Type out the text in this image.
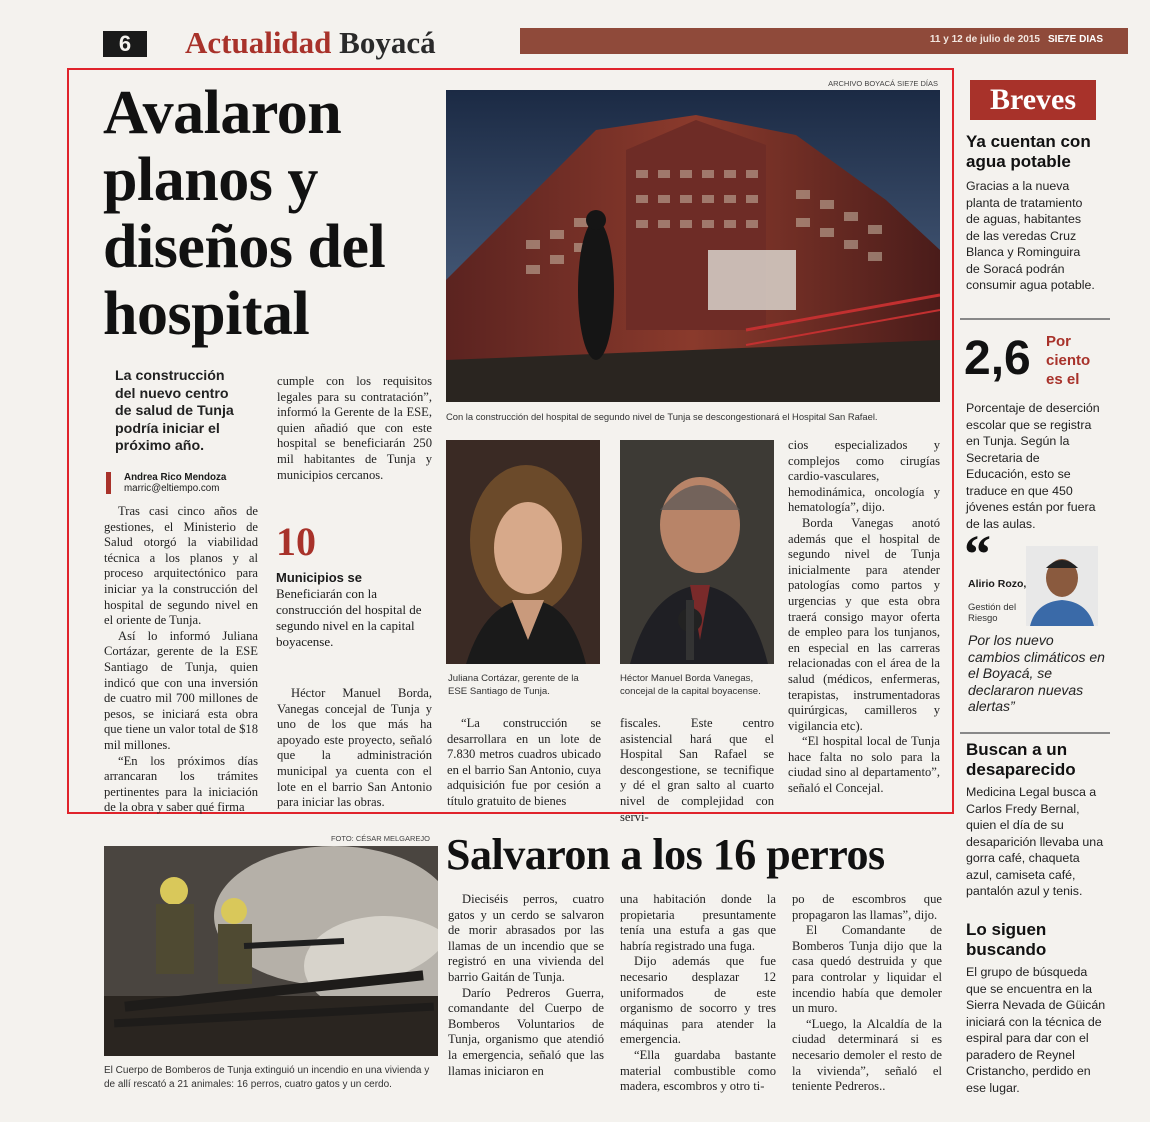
6	Actualidad Boyacá	11 y 12 de julio de 2015 SIE7E DIAS
Avalaron
planos y
diseños del
hospital
La construcción
del nuevo centro
de salud de Tunja
podría iniciar el
próximo año.
Andrea Rico Mendoza
marric@eltiempo.com

Tras casi cinco años de gestiones, el Ministerio de Salud otorgó la viabilidad técnica a los planos y al proceso arquitectónico para iniciar ya la construcción del hospital de segundo nivel en el oriente de Tunja.

Así lo informó Juliana Cortázar, gerente de la ESE Santiago de Tunja, quien indicó que con una inversión de cuatro mil 700 millones de pesos, se iniciará esta obra que tiene un valor total de $18 mil millones.

“En los próximos días arrancaran los trámites pertinentes para la iniciación de la obra y saber qué firma

cumple con los requisitos legales para su contratación”, informó la Gerente de la ESE, quien añadió que con este hospital se beneficiarán 250 mil habitantes de Tunja y municipios cercanos.

10
Municipios se
Beneficiarán con la construcción del hospital de segundo nivel en la capital boyacense.

Héctor Manuel Borda, Vanegas concejal de Tunja y uno de los que más ha apoyado este proyecto, señaló que la administración municipal ya cuenta con el lote en el barrio San Antonio para iniciar las obras.

ARCHIVO BOYACÁ SIE7E DÍAS
Con la construcción del hospital de segundo nivel de Tunja se descongestionará el Hospital San Rafael.
Juliana Cortázar, gerente de la ESE Santiago de Tunja.
Héctor Manuel Borda Vanegas, concejal de la capital boyacense.

“La construcción se desarrollara en un lote de 7.830 metros cuadros ubicado en el barrio San Antonio, cuya adquisición fue por cesión a título gratuito de bienes

fiscales. Este centro asistencial hará que el Hospital San Rafael se descongestione, se tecnifique y dé el gran salto al cuarto nivel de complejidad con servi-

cios especializados y complejos como cirugías cardio-vasculares, hemodinámica, oncología y hematología”, dijo.

Borda Vanegas anotó además que el hospital de segundo nivel de Tunja inicialmente para atender patologías como partos y urgencias y que esta obra traerá consigo mayor oferta de empleo para los tunjanos, en especial en las carreras relacionadas con el área de la salud (médicos, enfermeras, terapistas, instrumentadoras quirúrgicas, camilleros y vigilancia etc).

“El hospital local de Tunja hace falta no solo para la ciudad sino al departamento”, señaló el Concejal.

FOTO: CÉSAR MELGAREJO
El Cuerpo de Bomberos de Tunja extinguió un incendio en una vivienda y de allí rescató a 21 animales: 16 perros, cuatro gatos y un cerdo.
Salvaron a los 16 perros

Dieciséis perros, cuatro gatos y un cerdo se salvaron de morir abrasados por las llamas de un incendio que se registró en una vivienda del barrio Gaitán de Tunja.

Darío Pedreros Guerra, comandante del Cuerpo de Bomberos Voluntarios de Tunja, organismo que atendió la emergencia, señaló que las llamas iniciaron en

una habitación donde la propietaria presuntamente tenía una estufa a gas que habría registrado una fuga.

Dijo además que fue necesario desplazar 12 uniformados de este organismo de socorro y tres máquinas para atender la emergencia.

“Ella guardaba bastante material combustible como madera, escombros y otro ti-

po de escombros que propagaron las llamas”, dijo.

El Comandante de Bomberos Tunja dijo que la casa quedó destruida y que para controlar y liquidar el incendio había que demoler un muro.

“Luego, la Alcaldía de la ciudad determinará si es necesario demoler el resto de la vivienda”, señaló el teniente Pedreros..

Breves
Ya cuentan con agua potable
Gracias a la nueva planta de tratamiento de aguas, habitantes de las veredas Cruz Blanca y Rominguira de Soracá podrán consumir agua potable.
2,6 Por
ciento
es el
Porcentaje de deserción escolar que se registra en Tunja. Según la Secretaria de Educación, esto se traduce en que 450 jóvenes están por fuera de las aulas.
“
Alirio Rozo,
Gestión del Riesgo
Por los nuevo cambios climáticos en el Boyacá, se declararon nuevas alertas”
Buscan a un desaparecido
Medicina Legal busca a Carlos Fredy Bernal, quien el día de su desaparición llevaba una gorra café, chaqueta azul, camiseta café, pantalón azul y tenis.
Lo siguen buscando
El grupo de búsqueda que se encuentra en la Sierra Nevada de Güicán iniciará con la técnica de espiral para dar con el paradero de Reynel Cristancho, perdido en ese lugar.
